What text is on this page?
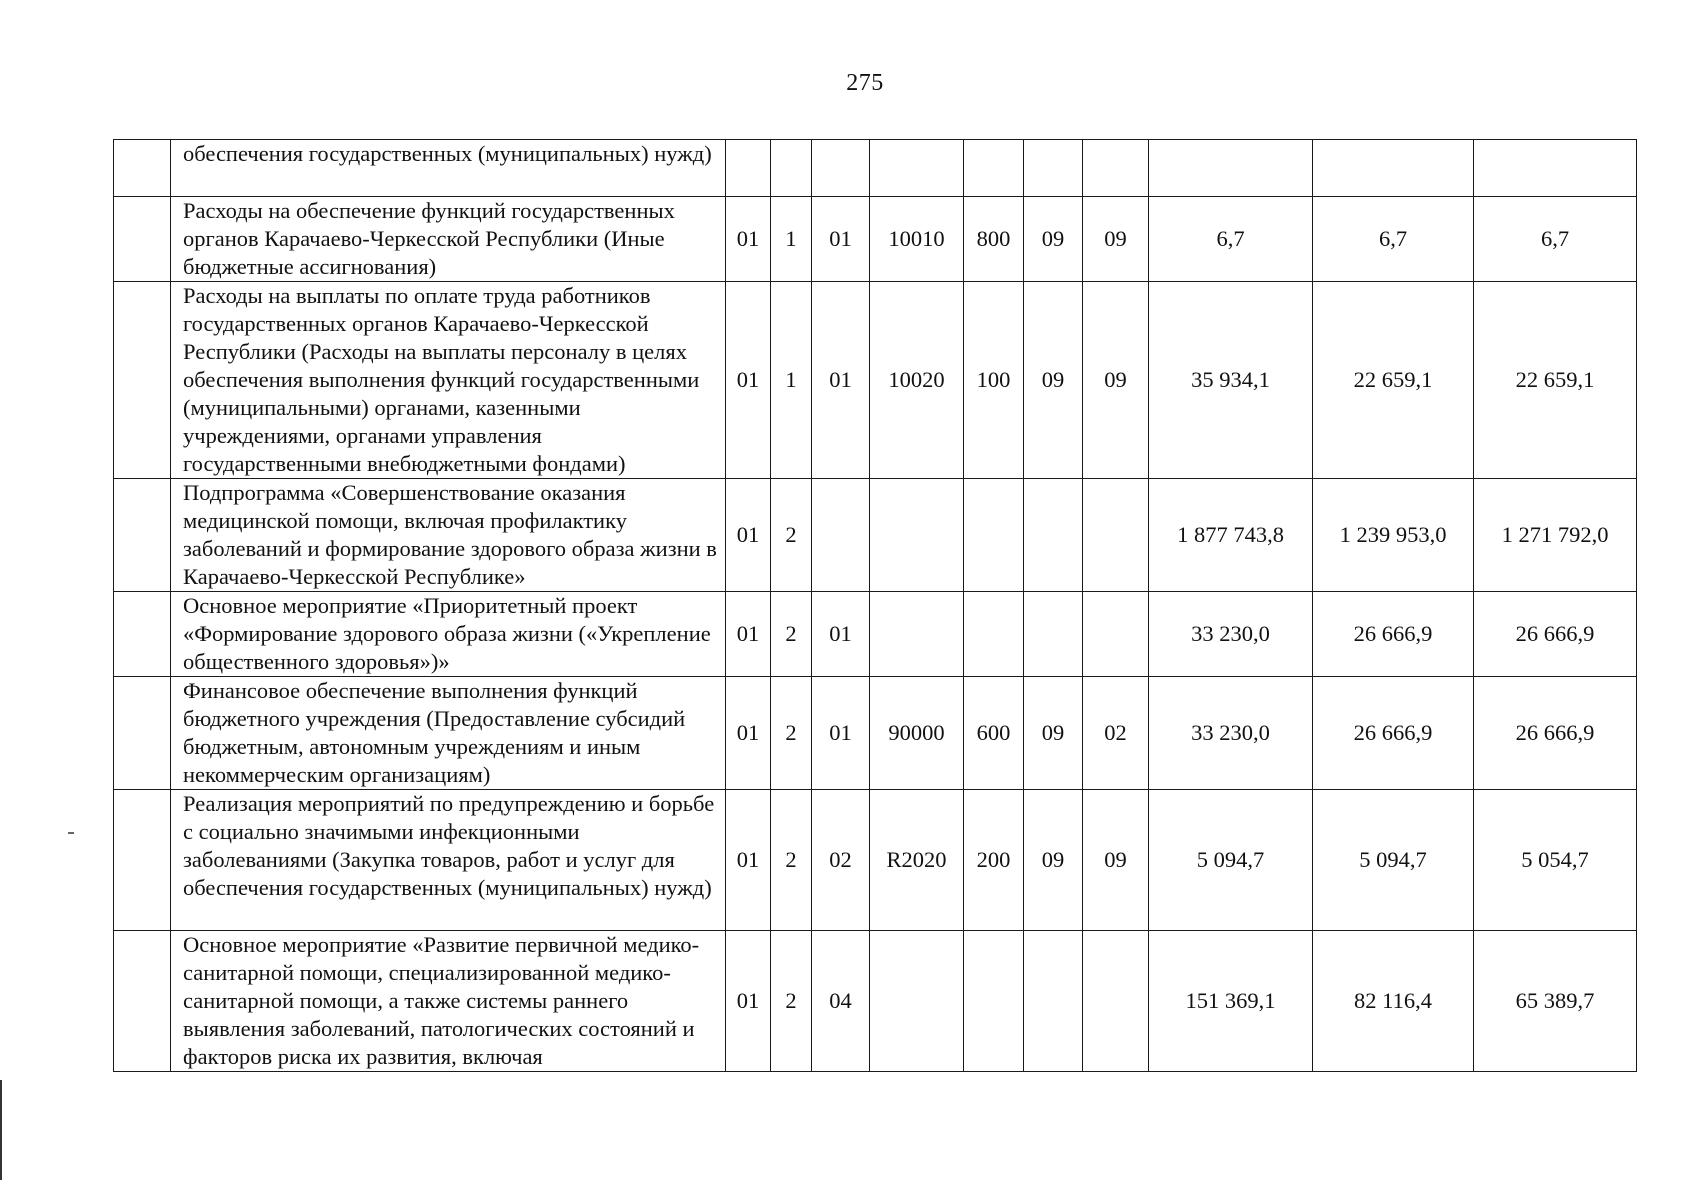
275
	обеспечения государственных (муниципальных) нужд)										
	Расходы на обеспечение функций государственных органов Карачаево-Черкесской Республики (Иные бюджетные ассигнования)	01	1	01	10010	800	09	09	6,7	6,7	6,7
	Расходы на выплаты по оплате труда работников государственных органов Карачаево-Черкесской Республики (Расходы на выплаты персоналу в целях обеспечения выполнения функций государственными (муниципальными) органами, казенными учреждениями, органами управления государственными внебюджетными фондами)	01	1	01	10020	100	09	09	35 934,1	22 659,1	22 659,1
	Подпрограмма «Совершенствование оказания медицинской помощи, включая профилактику заболеваний и формирование здорового образа жизни в Карачаево-Черкесской Республике»	01	2						1 877 743,8	1 239 953,0	1 271 792,0
	Основное мероприятие «Приоритетный проект «Формирование здорового образа жизни («Укрепление общественного здоровья»)»	01	2	01					33 230,0	26 666,9	26 666,9
	Финансовое обеспечение выполнения функций бюджетного учреждения (Предоставление субсидий бюджетным, автономным учреждениям и иным некоммерческим организациям)	01	2	01	90000	600	09	02	33 230,0	26 666,9	26 666,9
	Реализация мероприятий по предупреждению и борьбе с социально значимыми инфекционными заболеваниями (Закупка товаров, работ и услуг для обеспечения государственных (муниципальных) нужд)	01	2	02	R2020	200	09	09	5 094,7	5 094,7	5 054,7
	Основное мероприятие «Развитие первичной медико-санитарной помощи, специализированной медико-санитарной помощи, а также системы раннего выявления заболеваний, патологических состояний и факторов риска их развития, включая	01	2	04					151 369,1	82 116,4	65 389,7
